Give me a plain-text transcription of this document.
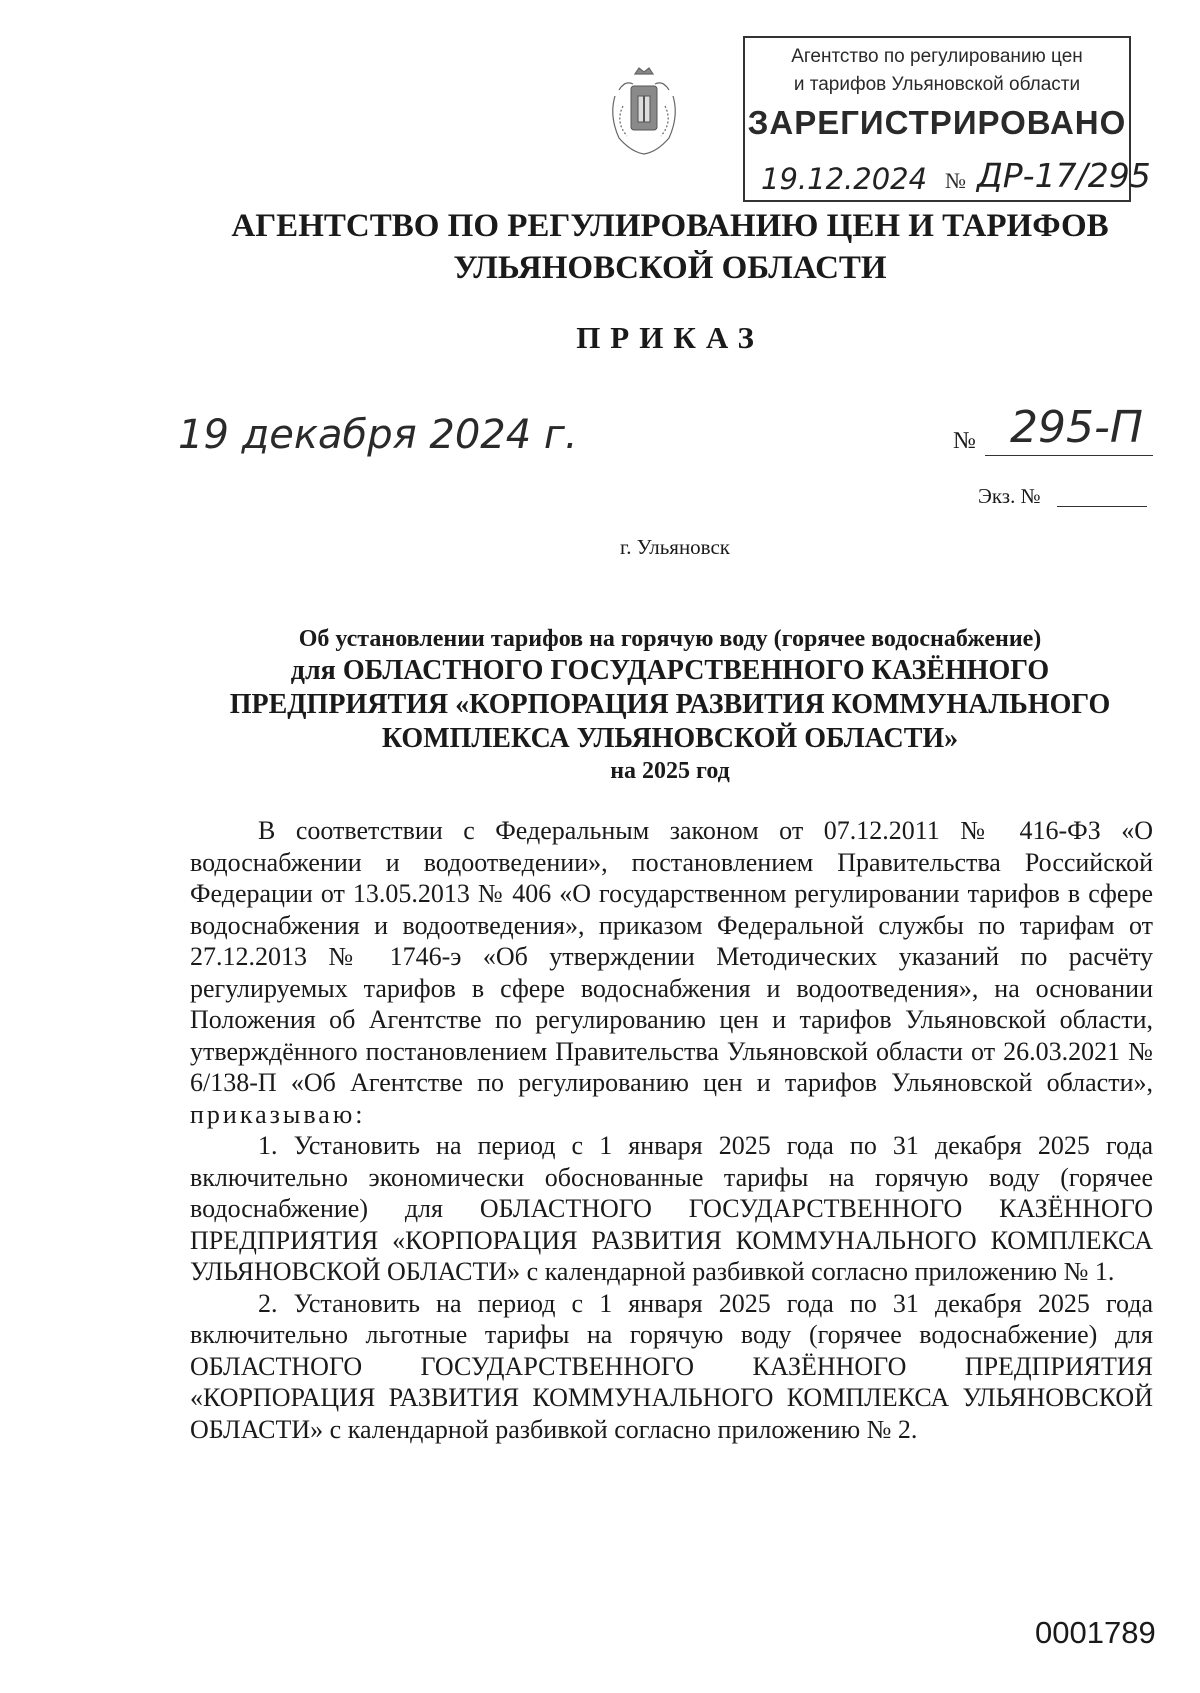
Агентство по регулированию цен
и тарифов Ульяновской области
ЗАРЕГИСТРИРОВАНО
19.12.2024 № ДР-17/295
АГЕНТСТВО ПО РЕГУЛИРОВАНИЮ ЦЕН И ТАРИФОВ
УЛЬЯНОВСКОЙ ОБЛАСТИ
ПРИКАЗ
19 декабря 2024 г.	№ 295-П
Экз. №
г. Ульяновск
Об установлении тарифов на горячую воду (горячее водоснабжение)
для ОБЛАСТНОГО ГОСУДАРСТВЕННОГО КАЗЁННОГО
ПРЕДПРИЯТИЯ «КОРПОРАЦИЯ РАЗВИТИЯ КОММУНАЛЬНОГО
КОМПЛЕКСА УЛЬЯНОВСКОЙ ОБЛАСТИ»
на 2025 год

В соответствии с Федеральным законом от 07.12.2011 № 416-ФЗ «О водоснабжении и водоотведении», постановлением Правительства Российской Федерации от 13.05.2013 № 406 «О государственном регулировании тарифов в сфере водоснабжения и водоотведения», приказом Федеральной службы по тарифам от 27.12.2013 № 1746-э «Об утверждении Методических указаний по расчёту регулируемых тарифов в сфере водоснабжения и водоотведения», на основании Положения об Агентстве по регулированию цен и тарифов Ульяновской области, утверждённого постановлением Правительства Ульяновской области от 26.03.2021 № 6/138-П «Об Агентстве по регулированию цен и тарифов Ульяновской области», приказываю:

1. Установить на период с 1 января 2025 года по 31 декабря 2025 года включительно экономически обоснованные тарифы на горячую воду (горячее водоснабжение) для ОБЛАСТНОГО ГОСУДАРСТВЕННОГО КАЗЁННОГО ПРЕДПРИЯТИЯ «КОРПОРАЦИЯ РАЗВИТИЯ КОММУНАЛЬНОГО КОМПЛЕКСА УЛЬЯНОВСКОЙ ОБЛАСТИ» с календарной разбивкой согласно приложению № 1.

2. Установить на период с 1 января 2025 года по 31 декабря 2025 года включительно льготные тарифы на горячую воду (горячее водоснабжение) для ОБЛАСТНОГО ГОСУДАРСТВЕННОГО КАЗЁННОГО ПРЕДПРИЯТИЯ «КОРПОРАЦИЯ РАЗВИТИЯ КОММУНАЛЬНОГО КОМПЛЕКСА УЛЬЯНОВСКОЙ ОБЛАСТИ» с календарной разбивкой согласно приложению № 2.

0001789
